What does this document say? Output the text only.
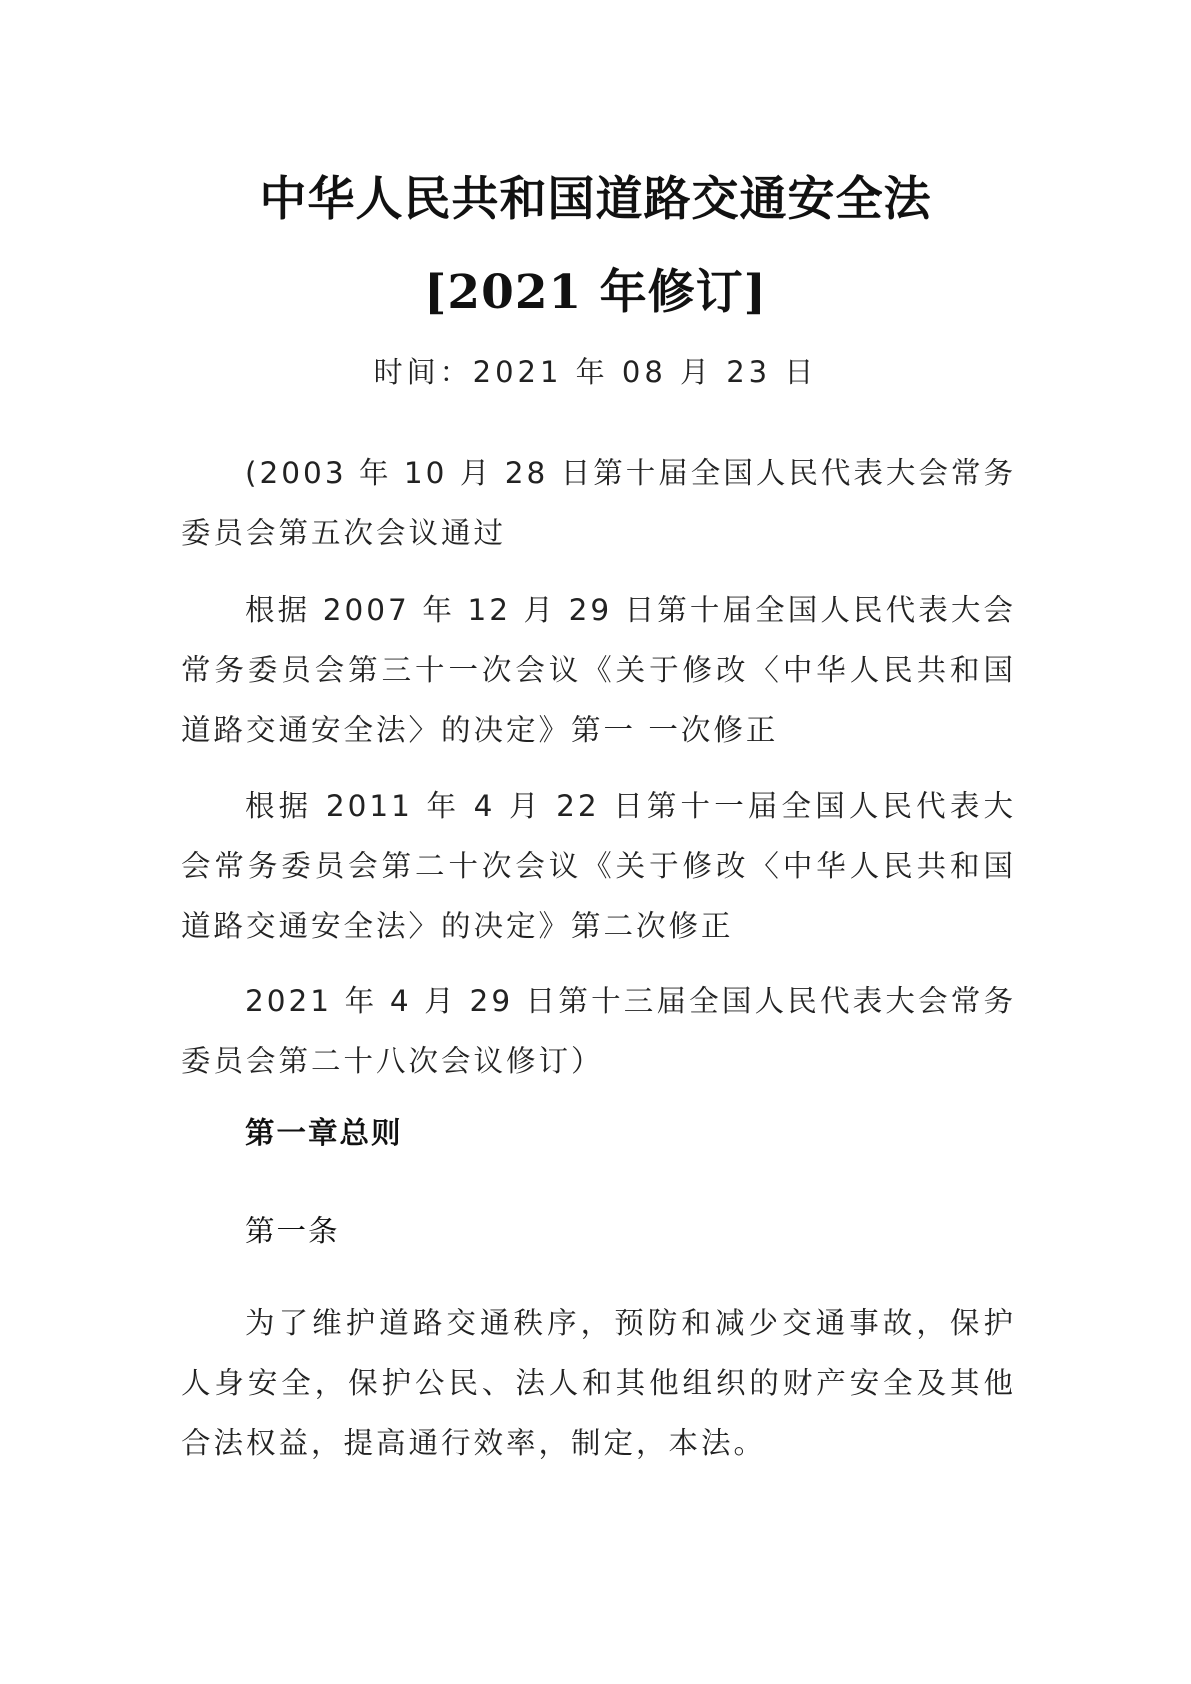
中华人民共和国道路交通安全法
[2021 年修订]
时间：2021 年 08 月 23 日

(2003 年 10 月 28 日第十届全国人民代表大会常务委员会第五次会议通过

根据 2007 年 12 月 29 日第十届全国人民代表大会常务委员会第三十一次会议《关于修改〈中华人民共和国道路交通安全法〉的决定》第一 一次修正

根据 2011 年 4 月 22 日第十一届全国人民代表大会常务委员会第二十次会议《关于修改〈中华人民共和国道路交通安全法〉的决定》第二次修正

2021 年 4 月 29 日第十三届全国人民代表大会常务委员会第二十八次会议修订）

第一章总则
第一条

为了维护道路交通秩序，预防和减少交通事故，保护人身安全，保护公民、法人和其他组织的财产安全及其他合法权益，提高通行效率，制定，本法。
